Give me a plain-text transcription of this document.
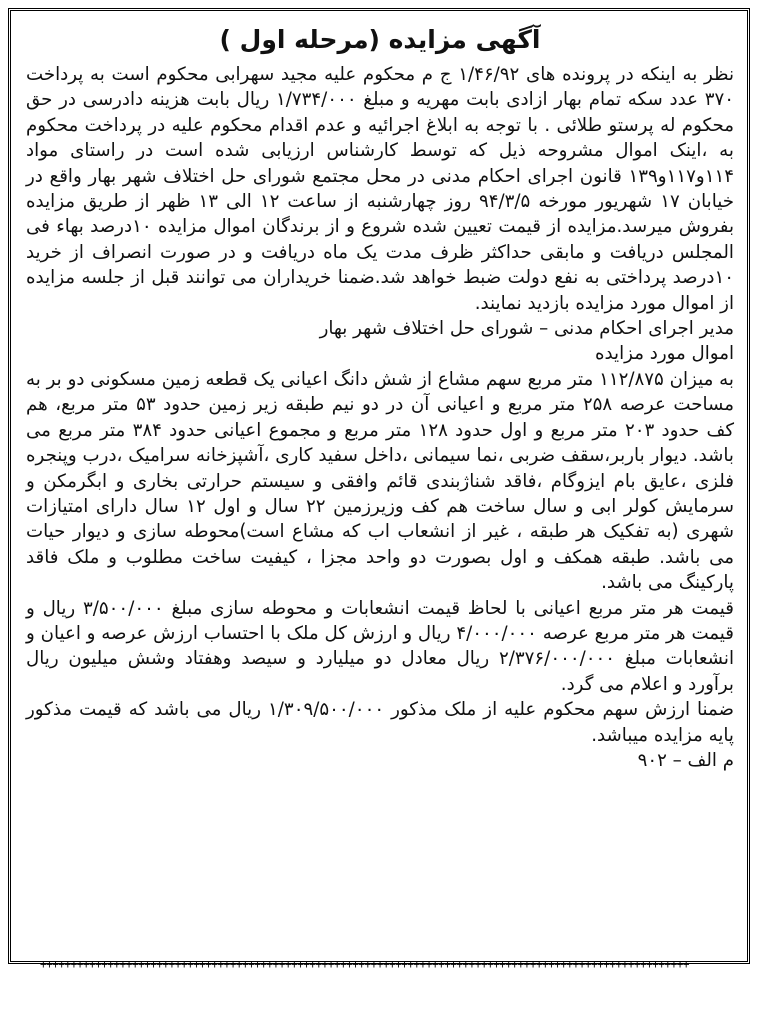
آگهی مزایده (مرحله اول )

نظر به اینکه در پرونده های ۱/۴۶/۹۲ ج م محکوم علیه مجید سهرابی محکوم است به پرداخت ۳۷۰ عدد سکه تمام بهار ازادی بابت مهریه و مبلغ ۱/۷۳۴/۰۰۰ ریال بابت هزینه دادرسی در حق محکوم له پرستو طلائی . با توجه به ابلاغ اجرائیه و عدم اقدام محکوم علیه در پرداخت محکوم به ،اینک اموال مشروحه ذیل که توسط کارشناس ارزیابی شده است در راستای مواد ۱۱۴و۱۱۷و۱۳۹ قانون اجرای احکام مدنی در محل مجتمع شورای حل اختلاف شهر بهار واقع در خیابان ۱۷ شهریور مورخه ۹۴/۳/۵ روز چهارشنبه از ساعت ۱۲ الی ۱۳ ظهر از طریق مزایده بفروش میرسد.مزایده از قیمت تعیین شده شروع و از برندگان اموال مزایده ۱۰درصد بهاء فی المجلس دریافت و مابقی حداکثر ظرف مدت یک ماه دریافت و در صورت انصراف از خرید ۱۰درصد پرداختی به نفع دولت ضبط خواهد شد.ضمنا خریداران می توانند قبل از جلسه مزایده از اموال مورد مزایده بازدید نمایند.

مدیر اجرای احکام مدنی – شورای حل اختلاف شهر بهار

اموال مورد مزایده

به میزان ۱۱۲/۸۷۵ متر مربع سهم مشاع از شش دانگ اعیانی یک قطعه زمین مسکونی دو بر به مساحت عرصه ۲۵۸ متر مربع و اعیانی آن در دو نیم طبقه زیر زمین حدود ۵۳ متر مربع، هم کف حدود ۲۰۳ متر مربع و اول حدود ۱۲۸ متر مربع و مجموع اعیانی حدود ۳۸۴ متر مربع می باشد. دیوار باربر،سقف ضربی ،نما سیمانی ،داخل سفید کاری ،آشپزخانه سرامیک ،درب وپنجره فلزی ،عایق بام ایزوگام ،فاقد شناژبندی قائم وافقی و سیستم حرارتی بخاری و ابگرمکن و سرمایش کولر ابی و سال ساخت هم کف وزیرزمین ۲۲ سال و اول ۱۲ سال دارای امتیازات شهری (به تفکیک هر طبقه ، غیر از انشعاب اب که مشاع است)محوطه سازی و دیوار حیات می باشد. طبقه همکف و اول بصورت دو واحد مجزا ، کیفیت ساخت مطلوب و ملک فاقد پارکینگ می باشد.

قیمت هر متر مربع اعیانی با لحاظ قیمت انشعابات و محوطه سازی مبلغ ۳/۵۰۰/۰۰۰ ریال و قیمت هر متر مربع عرصه ۴/۰۰۰/۰۰۰ ریال و ارزش کل ملک با احتساب ارزش عرصه و اعیان و انشعابات مبلغ ۲/۳۷۶/۰۰۰/۰۰۰ ریال معادل دو میلیارد و سیصد وهفتاد وشش میلیون ریال برآورد و اعلام می گرد.

ضمنا ارزش سهم محکوم علیه از ملک مذکور ۱/۳۰۹/۵۰۰/۰۰۰ ریال می باشد که قیمت مذکور پایه مزایده میباشد.

م الف – ۹۰۲

++++++++++++++++++++++++++++++++++++++++++++++++++++++++++++++++++++++++++++++++++++++++++++++++++++++++++
